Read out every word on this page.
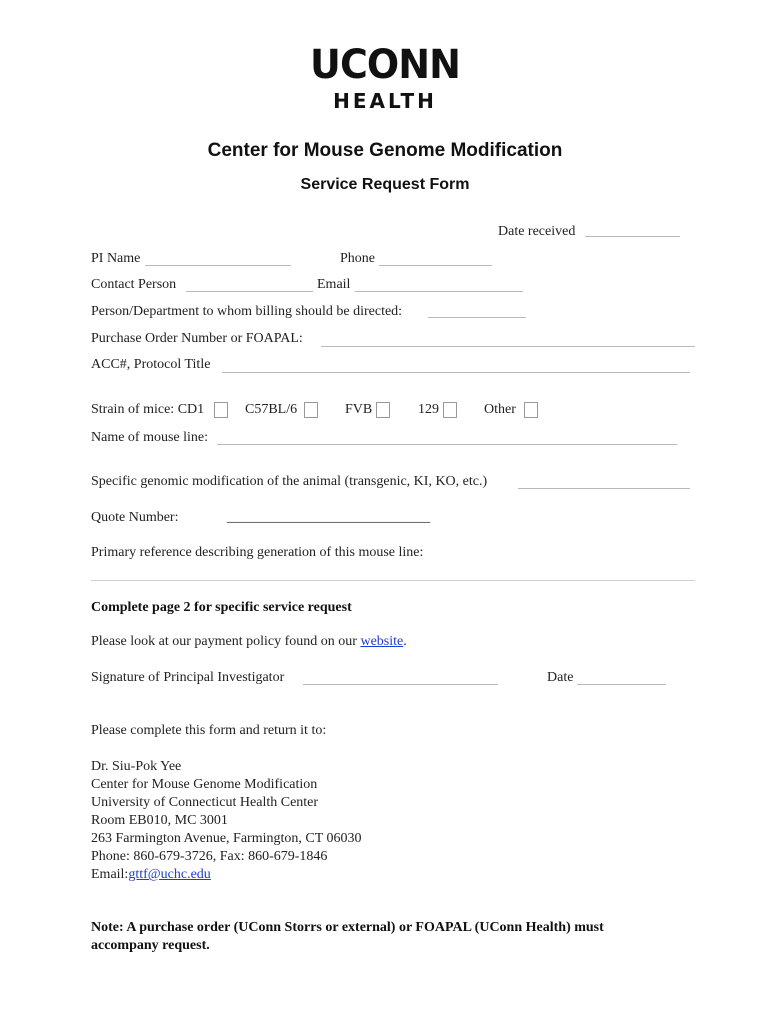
UCONN
HEALTH
Center for Mouse Genome Modification
Service Request Form
Date received
PI Name	Phone
Contact Person	Email
Person/Department to whom billing should be directed:
Purchase Order Number or FOAPAL:
ACC#, Protocol Title
Strain of mice: CD1	C57BL/6	FVB	129	Other
Name of mouse line:
Specific genomic modification of the animal (transgenic, KI, KO, etc.)
Quote Number:	_____________________________
Primary reference describing generation of this mouse line:
Complete page 2 for specific service request
Please look at our payment policy found on our website.
Signature of Principal Investigator	Date
Please complete this form and return it to:
Dr. Siu-Pok Yee
Center for Mouse Genome Modification
University of Connecticut Health Center
Room EB010, MC 3001
263 Farmington Avenue, Farmington, CT 06030
Phone: 860-679-3726, Fax: 860-679-1846
Email:gttf@uchc.edu
Note: A purchase order (UConn Storrs or external) or FOAPAL (UConn Health) must
accompany request.
